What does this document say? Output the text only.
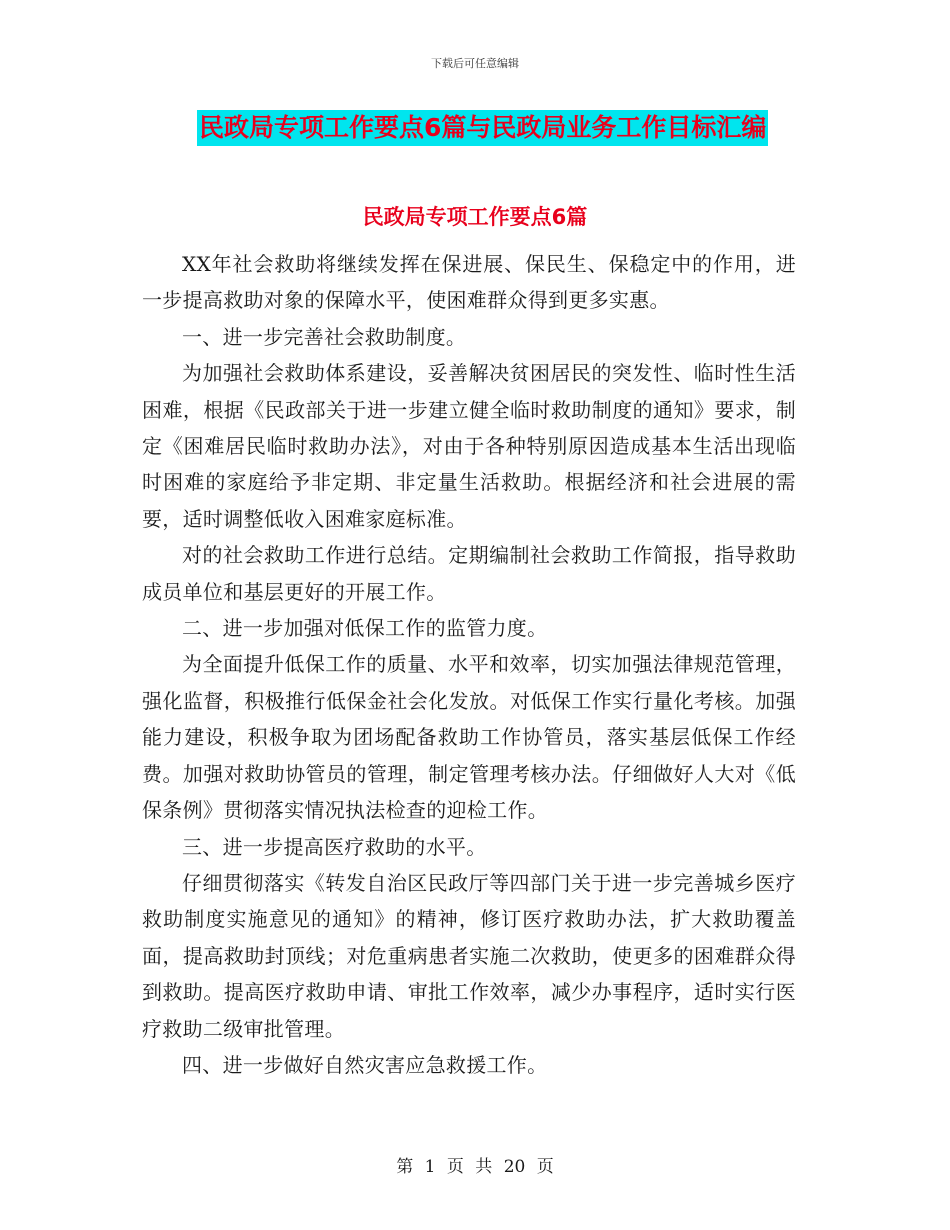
下载后可任意编辑
民政局专项工作要点6篇与民政局业务工作目标汇编
民政局专项工作要点6篇

XX年社会救助将继续发挥在保进展、保民生、保稳定中的作用，进一步提高救助对象的保障水平，使困难群众得到更多实惠。

一、进一步完善社会救助制度。

为加强社会救助体系建设，妥善解决贫困居民的突发性、临时性生活困难，根据《民政部关于进一步建立健全临时救助制度的通知》要求，制定《困难居民临时救助办法》，对由于各种特别原因造成基本生活出现临时困难的家庭给予非定期、非定量生活救助。根据经济和社会进展的需要，适时调整低收入困难家庭标准。

对的社会救助工作进行总结。定期编制社会救助工作简报，指导救助成员单位和基层更好的开展工作。

二、进一步加强对低保工作的监管力度。

为全面提升低保工作的质量、水平和效率，切实加强法律规范管理，强化监督，积极推行低保金社会化发放。对低保工作实行量化考核。加强能力建设，积极争取为团场配备救助工作协管员，落实基层低保工作经费。加强对救助协管员的管理，制定管理考核办法。仔细做好人大对《低保条例》贯彻落实情况执法检查的迎检工作。

三、进一步提高医疗救助的水平。

仔细贯彻落实《转发自治区民政厅等四部门关于进一步完善城乡医疗救助制度实施意见的通知》的精神，修订医疗救助办法，扩大救助覆盖面，提高救助封顶线；对危重病患者实施二次救助，使更多的困难群众得到救助。提高医疗救助申请、审批工作效率，减少办事程序，适时实行医疗救助二级审批管理。

四、进一步做好自然灾害应急救援工作。

第 1 页 共 20 页
